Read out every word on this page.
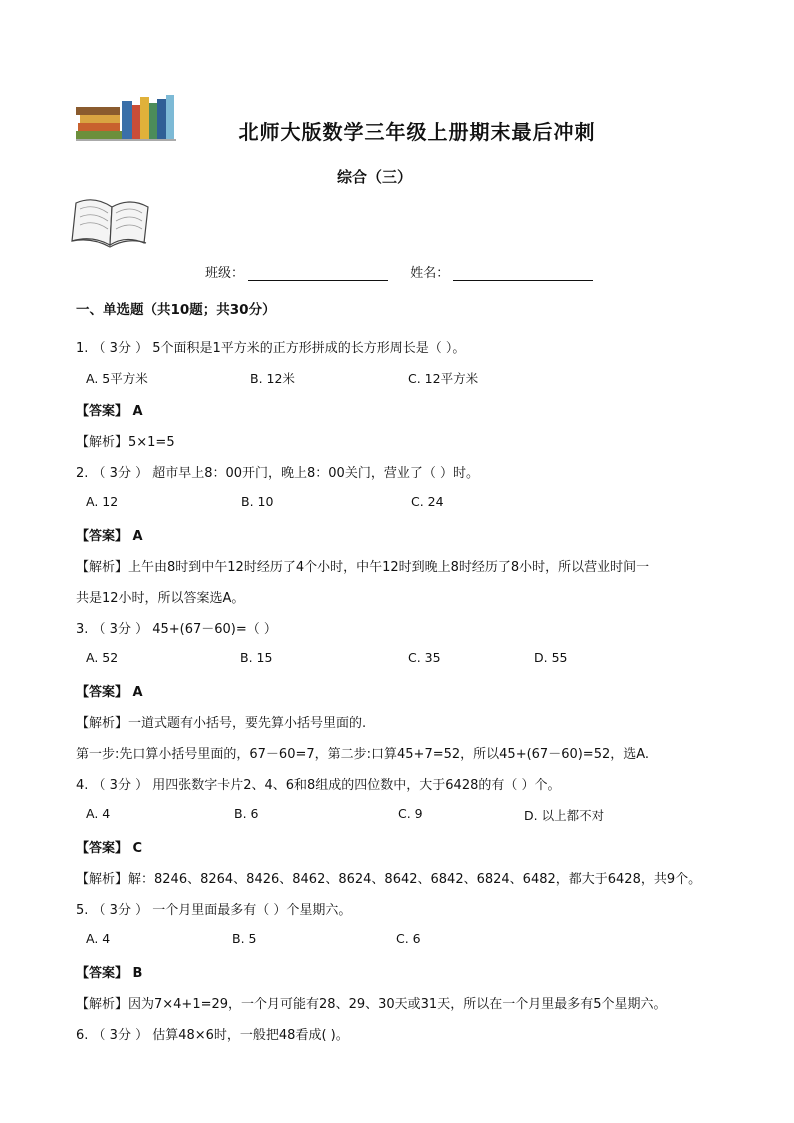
北师大版数学三年级上册期末最后冲刺
综合（三）
班级：	姓名：
一、单选题（共10题；共30分）
1. （ 3分 ） 5个面积是1平方米的正方形拼成的长方形周长是（ ）。
A. 5平方米	B. 12米	C. 12平方米
【答案】 A
【解析】5×1=5
2. （ 3分 ） 超市早上8：00开门，晚上8：00关门，营业了（ ）时。
A. 12	B. 10	C. 24
【答案】 A
【解析】上午由8时到中午12时经历了4个小时，中午12时到晚上8时经历了8小时，所以营业时间一
共是12小时，所以答案选A。
3. （ 3分 ） 45+(67－60)=（ ）
A. 52	B. 15	C. 35	D. 55
【答案】 A
【解析】一道式题有小括号，要先算小括号里面的.
第一步:先口算小括号里面的，67－60=7，第二步:口算45+7=52，所以45+(67－60)=52，选A.
4. （ 3分 ） 用四张数字卡片2、4、6和8组成的四位数中，大于6428的有（ ）个。
A. 4	B. 6	C. 9	D. 以上都不对
【答案】 C
【解析】解：8246、8264、8426、8462、8624、8642、6842、6824、6482，都大于6428，共9个。
5. （ 3分 ） 一个月里面最多有（ ）个星期六。
A. 4	B. 5	C. 6
【答案】 B
【解析】因为7×4+1=29，一个月可能有28、29、30天或31天，所以在一个月里最多有5个星期六。
6. （ 3分 ） 估算48×6时，一般把48看成( )。
